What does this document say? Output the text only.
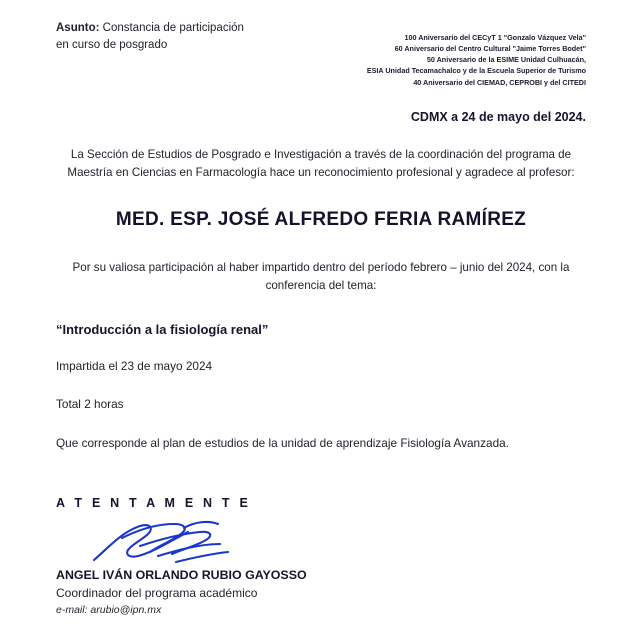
Asunto: Constancia de participación
en curso de posgrado
100 Aniversario del CECyT 1 "Gonzalo Vázquez Vela"
60 Aniversario del Centro Cultural "Jaime Torres Bodet"
50 Aniversario de la ESIME Unidad Culhuacán,
ESIA Unidad Tecamachalco y de la Escuela Superior de Turismo
40 Aniversario del CIEMAD, CEPROBI y del CITEDI
CDMX a 24 de mayo del 2024.
La Sección de Estudios de Posgrado e Investigación a través de la coordinación del programa de Maestría en Ciencias en Farmacología hace un reconocimiento profesional y agradece al profesor:
MED. ESP. JOSÉ ALFREDO FERIA RAMÍREZ
Por su valiosa participación al haber impartido dentro del período febrero – junio del 2024, con la conferencia del tema:
“Introducción a la fisiología renal”
Impartida el 23 de mayo 2024
Total 2 horas
Que corresponde al plan de estudios de la unidad de aprendizaje Fisiología Avanzada.
A T E N T A M E N T E
ANGEL IVÁN ORLANDO RUBIO GAYOSSO
Coordinador del programa académico
e-mail: arubio@ipn.mx
